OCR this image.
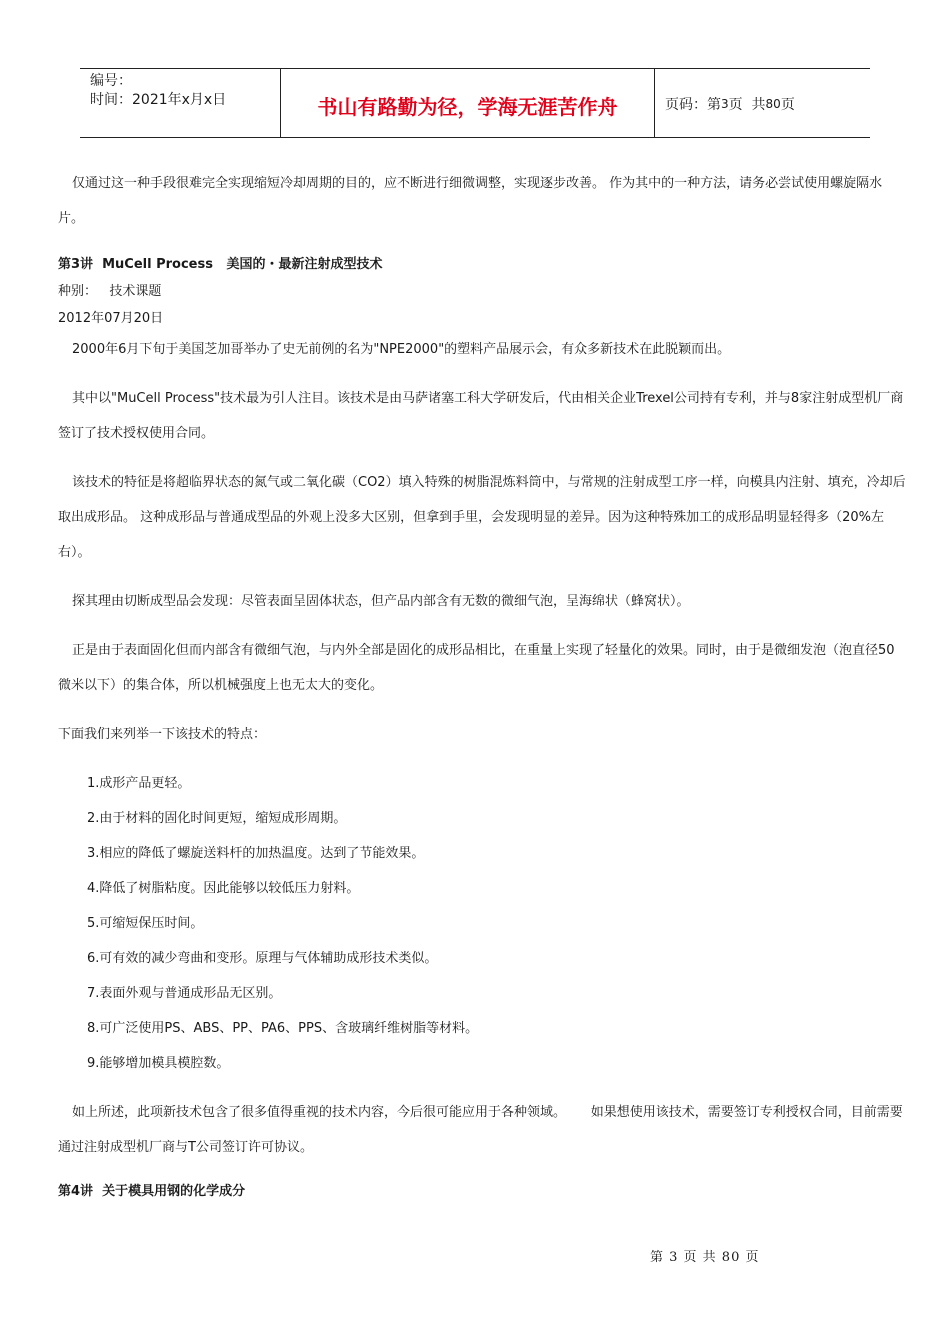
编号：
时间：2021年x月x日	书山有路勤为径，学海无涯苦作舟	页码：第 3 页  共 80 页

仅通过这一种手段很难完全实现缩短冷却周期的目的，应不断进行细微调整，实现逐步改善。 作为其中的一种方法，请务必尝试使用螺旋隔水片。

第3讲  MuCell Process   美国的・最新注射成型技术

种别：   技术课题

2012年07月20日

2000年6月下旬于美国芝加哥举办了史无前例的名为"NPE2000"的塑料产品展示会，有众多新技术在此脱颖而出。

其中以"MuCell Process"技术最为引人注目。该技术是由马萨诸塞工科大学研发后，代由相关企业Trexel公司持有专利，并与8家注射成型机厂商签订了技术授权使用合同。

该技术的特征是将超临界状态的氮气或二氧化碳（CO2）填入特殊的树脂混炼料筒中，与常规的注射成型工序一样，向模具内注射、填充，冷却后取出成形品。 这种成形品与普通成型品的外观上没多大区别，但拿到手里，会发现明显的差异。因为这种特殊加工的成形品明显轻得多（20%左右）。

探其理由切断成型品会发现：尽管表面呈固体状态，但产品内部含有无数的微细气泡，呈海绵状（蜂窝状）。

正是由于表面固化但而内部含有微细气泡，与内外全部是固化的成形品相比，在重量上实现了轻量化的效果。同时，由于是微细发泡（泡直径50微米以下）的集合体，所以机械强度上也无太大的变化。

下面我们来列举一下该技术的特点：

1.成形产品更轻。

2.由于材料的固化时间更短，缩短成形周期。

3.相应的降低了螺旋送料杆的加热温度。达到了节能效果。

4.降低了树脂粘度。因此能够以较低压力射料。

5.可缩短保压时间。

6.可有效的减少弯曲和变形。原理与气体辅助成形技术类似。

7.表面外观与普通成形品无区别。

8.可广泛使用PS、ABS、PP、PA6、PPS、含玻璃纤维树脂等材料。

9.能够增加模具模腔数。

如上所述，此项新技术包含了很多值得重视的技术内容，今后很可能应用于各种领域。      如果想使用该技术，需要签订专利授权合同，目前需要通过注射成型机厂商与T公司签订许可协议。

第4讲  关于模具用钢的化学成分

第 3 页 共 80 页
